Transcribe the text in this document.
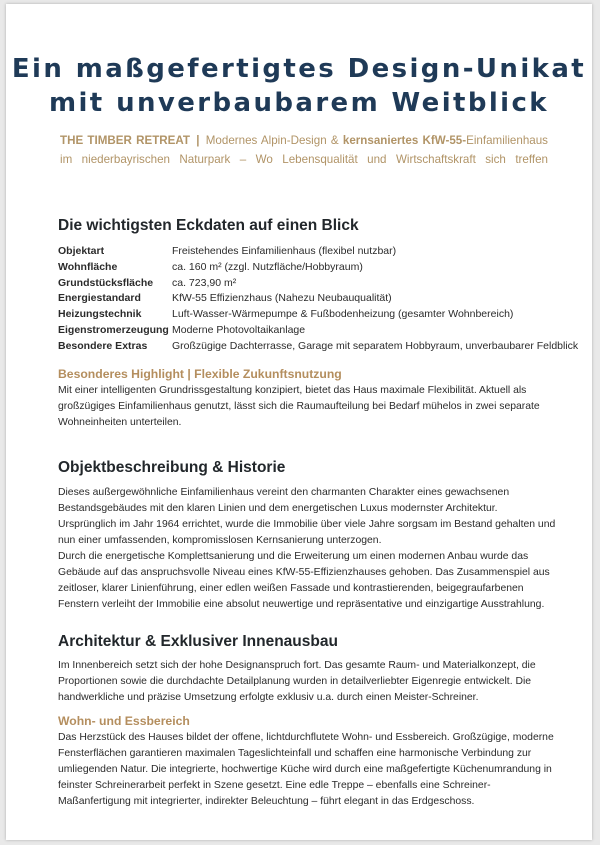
Ein maßgefertigtes Design-Unikat
mit unverbaubarem Weitblick
THE TIMBER RETREAT | Modernes Alpin-Design & kernsaniertes KfW-55-Einfamilienhaus
im niederbayrischen Naturpark – Wo Lebensqualität und Wirtschaftskraft sich treffen
Die wichtigsten Eckdaten auf einen Blick
Objektart	Freistehendes Einfamilienhaus (flexibel nutzbar)
Wohnfläche	ca. 160 m² (zzgl. Nutzfläche/Hobbyraum)
Grundstücksfläche	ca. 723,90 m²
Energiestandard	KfW-55 Effizienzhaus (Nahezu Neubauqualität)
Heizungstechnik	Luft-Wasser-Wärmepumpe & Fußbodenheizung (gesamter Wohnbereich)
Eigenstromerzeugung Moderne Photovoltaikanlage
Besondere Extras	Großzügige Dachterrasse, Garage mit separatem Hobbyraum, unverbaubarer Feldblick
Besonderes Highlight | Flexible Zukunftsnutzung

Mit einer intelligenten Grundrissgestaltung konzipiert, bietet das Haus maximale Flexibilität. Aktuell als großzügiges Einfamilienhaus genutzt, lässt sich die Raumaufteilung bei Bedarf mühelos in zwei separate Wohneinheiten unterteilen.

Objektbeschreibung & Historie

Dieses außergewöhnliche Einfamilienhaus vereint den charmanten Charakter eines gewachsenen Bestandsgebäudes mit den klaren Linien und dem energetischen Luxus modernster Architektur. Ursprünglich im Jahr 1964 errichtet, wurde die Immobilie über viele Jahre sorgsam im Bestand gehalten und nun einer umfassenden, kompromisslosen Kernsanierung unterzogen.

Durch die energetische Komplettsanierung und die Erweiterung um einen modernen Anbau wurde das Gebäude auf das anspruchsvolle Niveau eines KfW-55-Effizienzhauses gehoben. Das Zusammenspiel aus zeitloser, klarer Linienführung, einer edlen weißen Fassade und kontrastierenden, beigegraufarbenen Fenstern verleiht der Immobilie eine absolut neuwertige und repräsentative und einzigartige Ausstrahlung.

Architektur & Exklusiver Innenausbau

Im Innenbereich setzt sich der hohe Designanspruch fort. Das gesamte Raum- und Materialkonzept, die Proportionen sowie die durchdachte Detailplanung wurden in detailverliebter Eigenregie entwickelt. Die handwerkliche und präzise Umsetzung erfolgte exklusiv u.a. durch einen Meister-Schreiner.

Wohn- und Essbereich

Das Herzstück des Hauses bildet der offene, lichtdurchflutete Wohn- und Essbereich. Großzügige, moderne Fensterflächen garantieren maximalen Tageslichteinfall und schaffen eine harmonische Verbindung zur umliegenden Natur. Die integrierte, hochwertige Küche wird durch eine maßgefertigte Küchenumrandung in feinster Schreinerarbeit perfekt in Szene gesetzt. Eine edle Treppe – ebenfalls eine Schreiner-Maßanfertigung mit integrierter, indirekter Beleuchtung – führt elegant in das Erdgeschoss.
